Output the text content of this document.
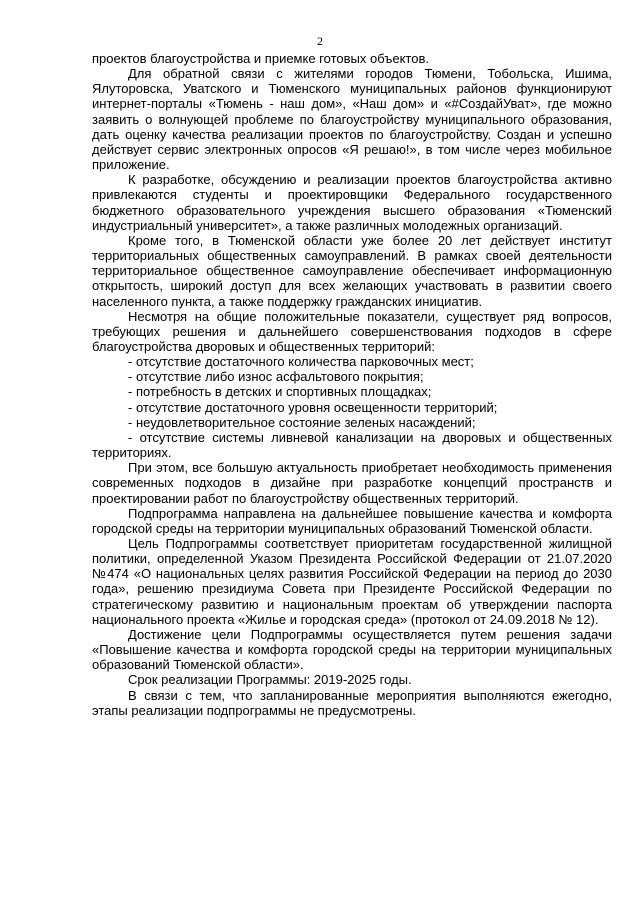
2

проектов благоустройства и приемке готовых объектов.

Для обратной связи с жителями городов Тюмени, Тобольска, Ишима, Ялуторовска, Уватского и Тюменского муниципальных районов функционируют интернет-порталы «Тюмень - наш дом», «Наш дом» и «#СоздайУват», где можно заявить о волнующей проблеме по благоустройству муниципального образования, дать оценку качества реализации проектов по благоустройству. Создан и успешно действует сервис электронных опросов «Я решаю!», в том числе через мобильное приложение.

К разработке, обсуждению и реализации проектов благоустройства активно привлекаются студенты и проектировщики Федерального государственного бюджетного образовательного учреждения высшего образования «Тюменский индустриальный университет», а также различных молодежных организаций.

Кроме того, в Тюменской области уже более 20 лет действует институт территориальных общественных самоуправлений. В рамках своей деятельности территориальное общественное самоуправление обеспечивает информационную открытость, широкий доступ для всех желающих участвовать в развитии своего населенного пункта, а также поддержку гражданских инициатив.

Несмотря на общие положительные показатели, существует ряд вопросов, требующих решения и дальнейшего совершенствования подходов в сфере благоустройства дворовых и общественных территорий:

- отсутствие достаточного количества парковочных мест;

- отсутствие либо износ асфальтового покрытия;

- потребность в детских и спортивных площадках;

- отсутствие достаточного уровня освещенности территорий;

- неудовлетворительное состояние зеленых насаждений;

- отсутствие системы ливневой канализации на дворовых и общественных территориях.

При этом, все большую актуальность приобретает необходимость применения современных подходов в дизайне при разработке концепций пространств и проектировании работ по благоустройству общественных территорий.

Подпрограмма направлена на дальнейшее повышение качества и комфорта городской среды на территории муниципальных образований Тюменской области.

Цель Подпрограммы соответствует приоритетам государственной жилищной политики, определенной Указом Президента Российской Федерации от 21.07.2020 №474 «О национальных целях развития Российской Федерации на период до 2030 года», решению президиума Совета при Президенте Российской Федерации по стратегическому развитию и национальным проектам об утверждении паспорта национального проекта «Жилье и городская среда» (протокол от 24.09.2018 № 12).

Достижение цели Подпрограммы осуществляется путем решения задачи «Повышение качества и комфорта городской среды на территории муниципальных образований Тюменской области».

Срок реализации Программы: 2019-2025 годы.

В связи с тем, что запланированные мероприятия выполняются ежегодно, этапы реализации подпрограммы не предусмотрены.
